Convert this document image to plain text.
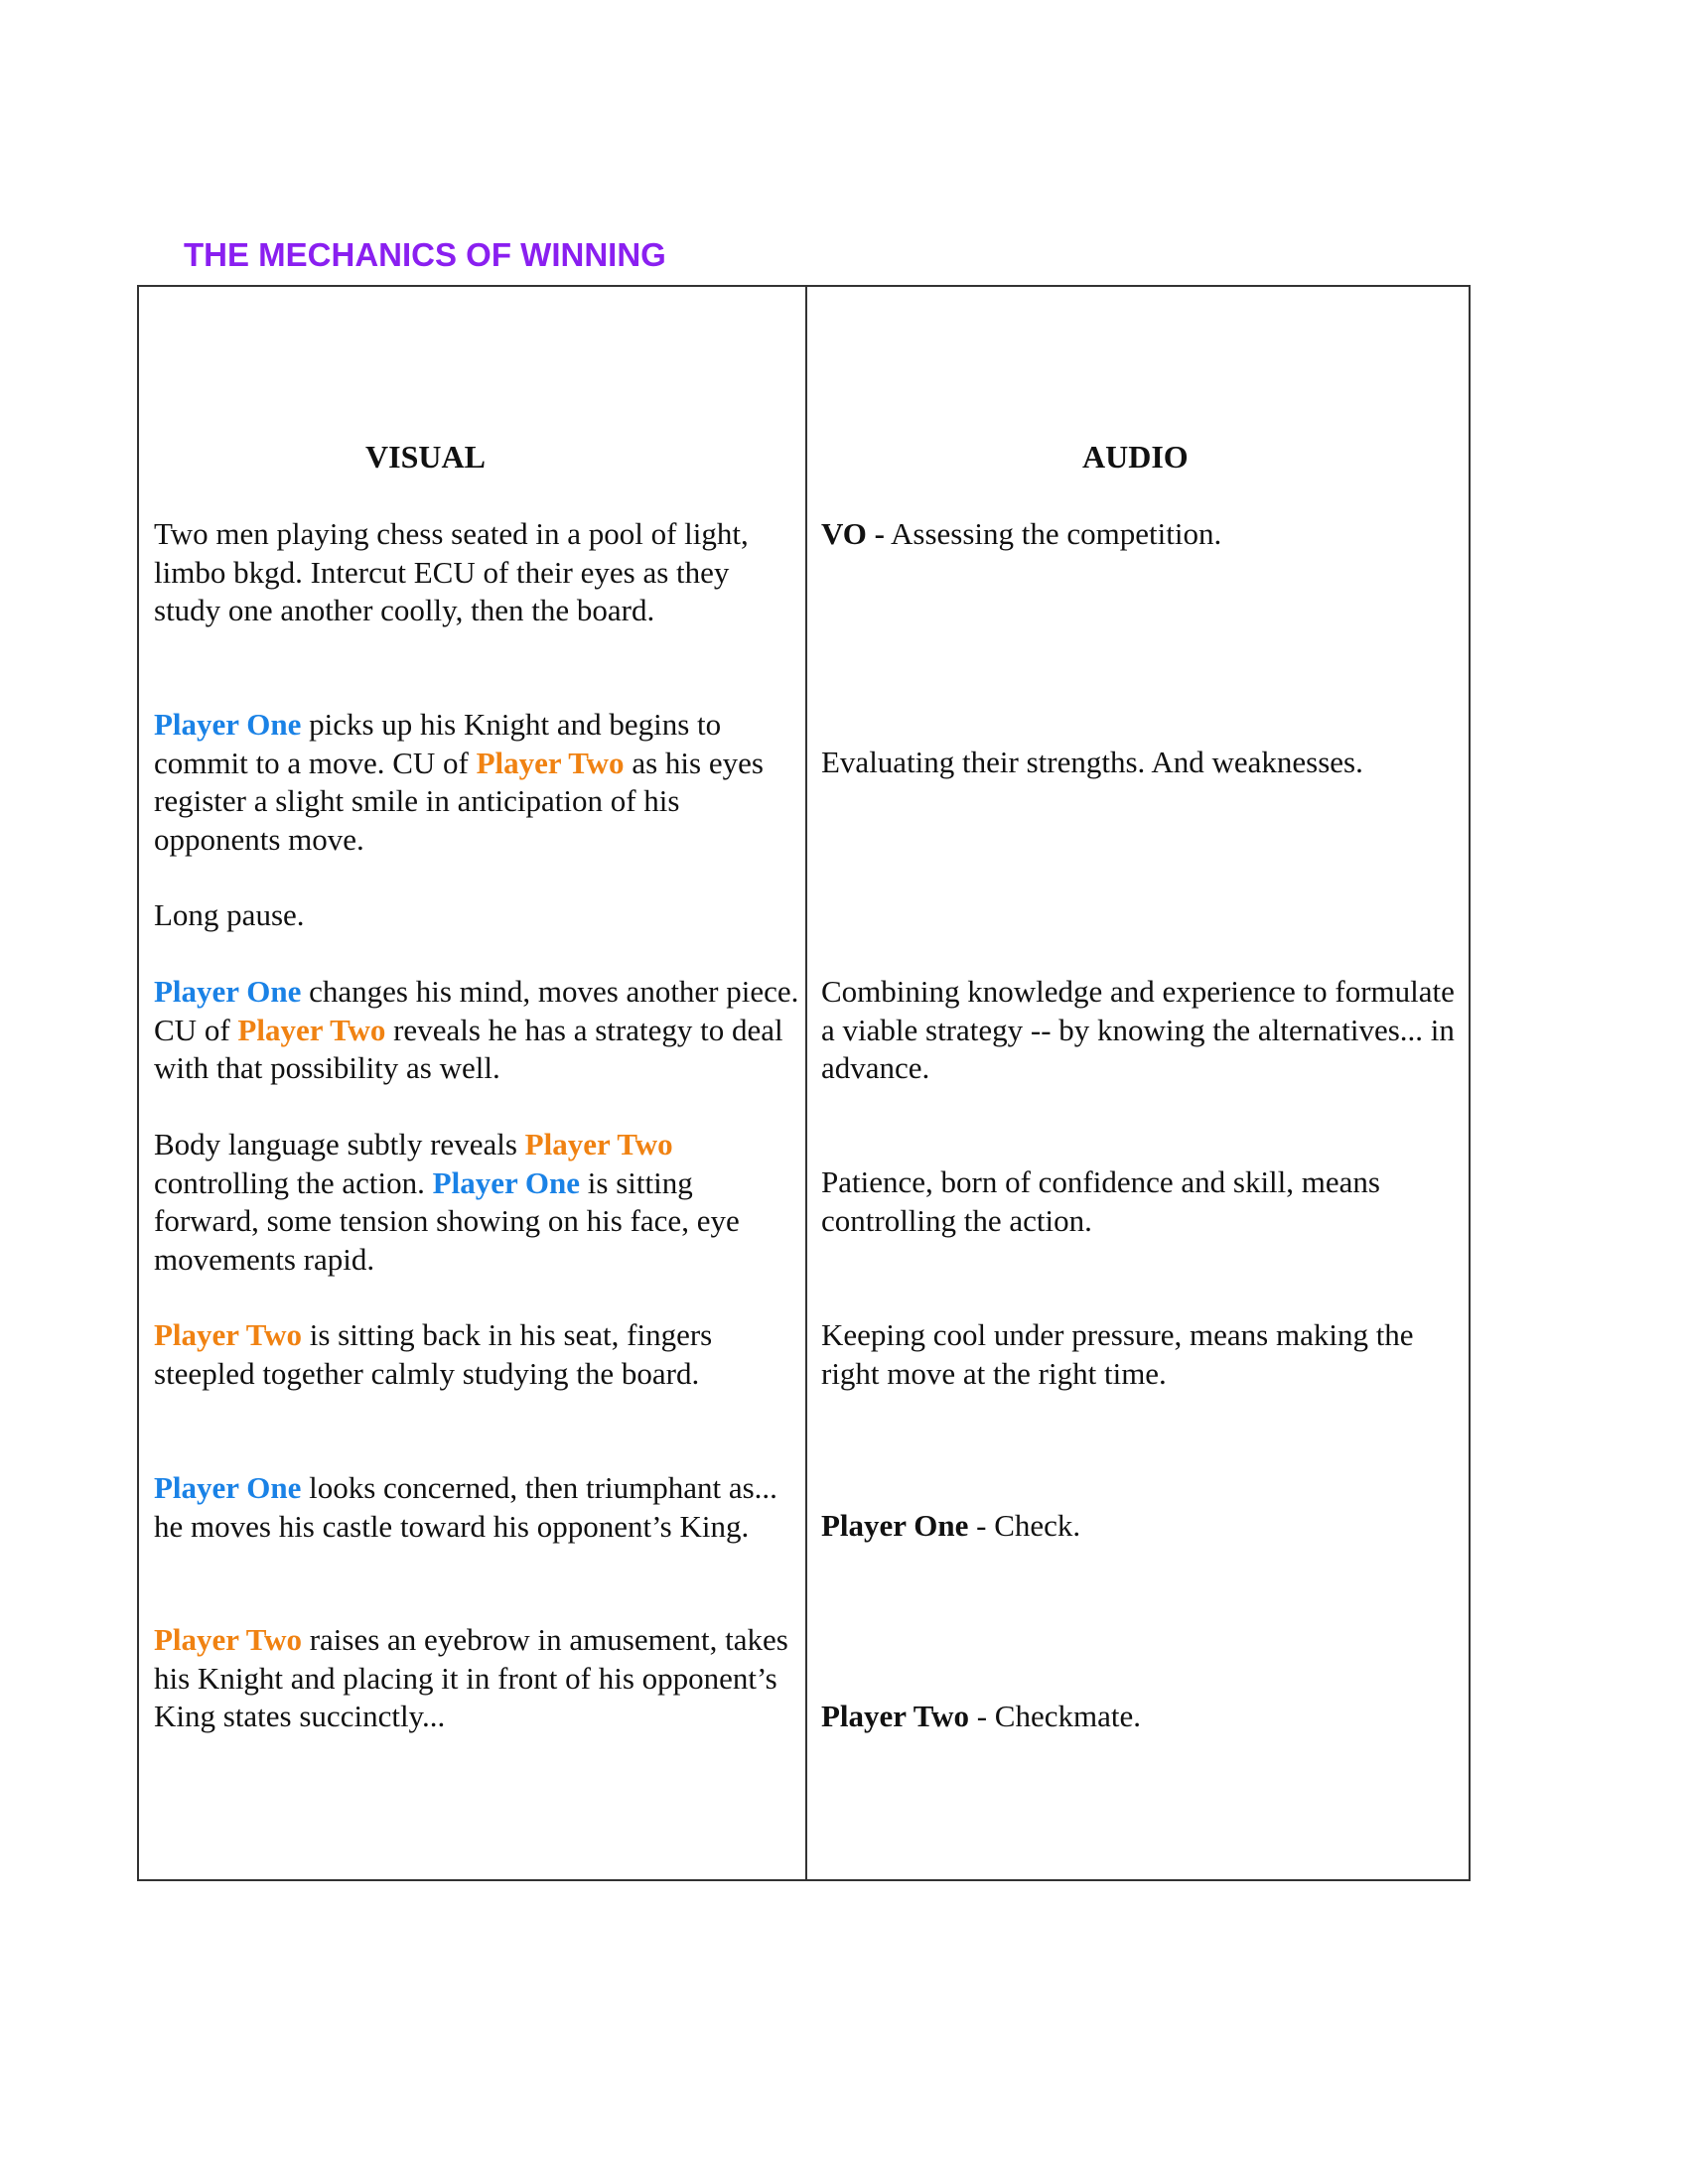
THE MECHANICS OF WINNING

VISUAL	AUDIO

Two men playing chess seated in a pool of light, limbo bkgd. Intercut ECU of their eyes as they study one another coolly, then the board.

Player One picks up his Knight and begins to commit to a move. CU of Player Two as his eyes register a slight smile in anticipation of his opponents move.

Long pause.

Player One changes his mind, moves another piece. CU of Player Two reveals he has a strategy to deal with that possibility as well.

Body language subtly reveals Player Two controlling the action. Player One is sitting forward, some tension showing on his face, eye movements rapid.

Player Two is sitting back in his seat, fingers steepled together calmly studying the board.

Player One looks concerned, then triumphant as... he moves his castle toward his opponent’s King.

Player Two raises an eyebrow in amusement, takes his Knight and placing it in front of his opponent’s King states succinctly...

VO - Assessing the competition.

Evaluating their strengths. And weaknesses.

Combining knowledge and experience to formulate a viable strategy -- by knowing the alternatives... in advance.

Patience, born of confidence and skill, means controlling the action.

Keeping cool under pressure, means making the right move at the right time.

Player One - Check.

Player Two - Checkmate.
